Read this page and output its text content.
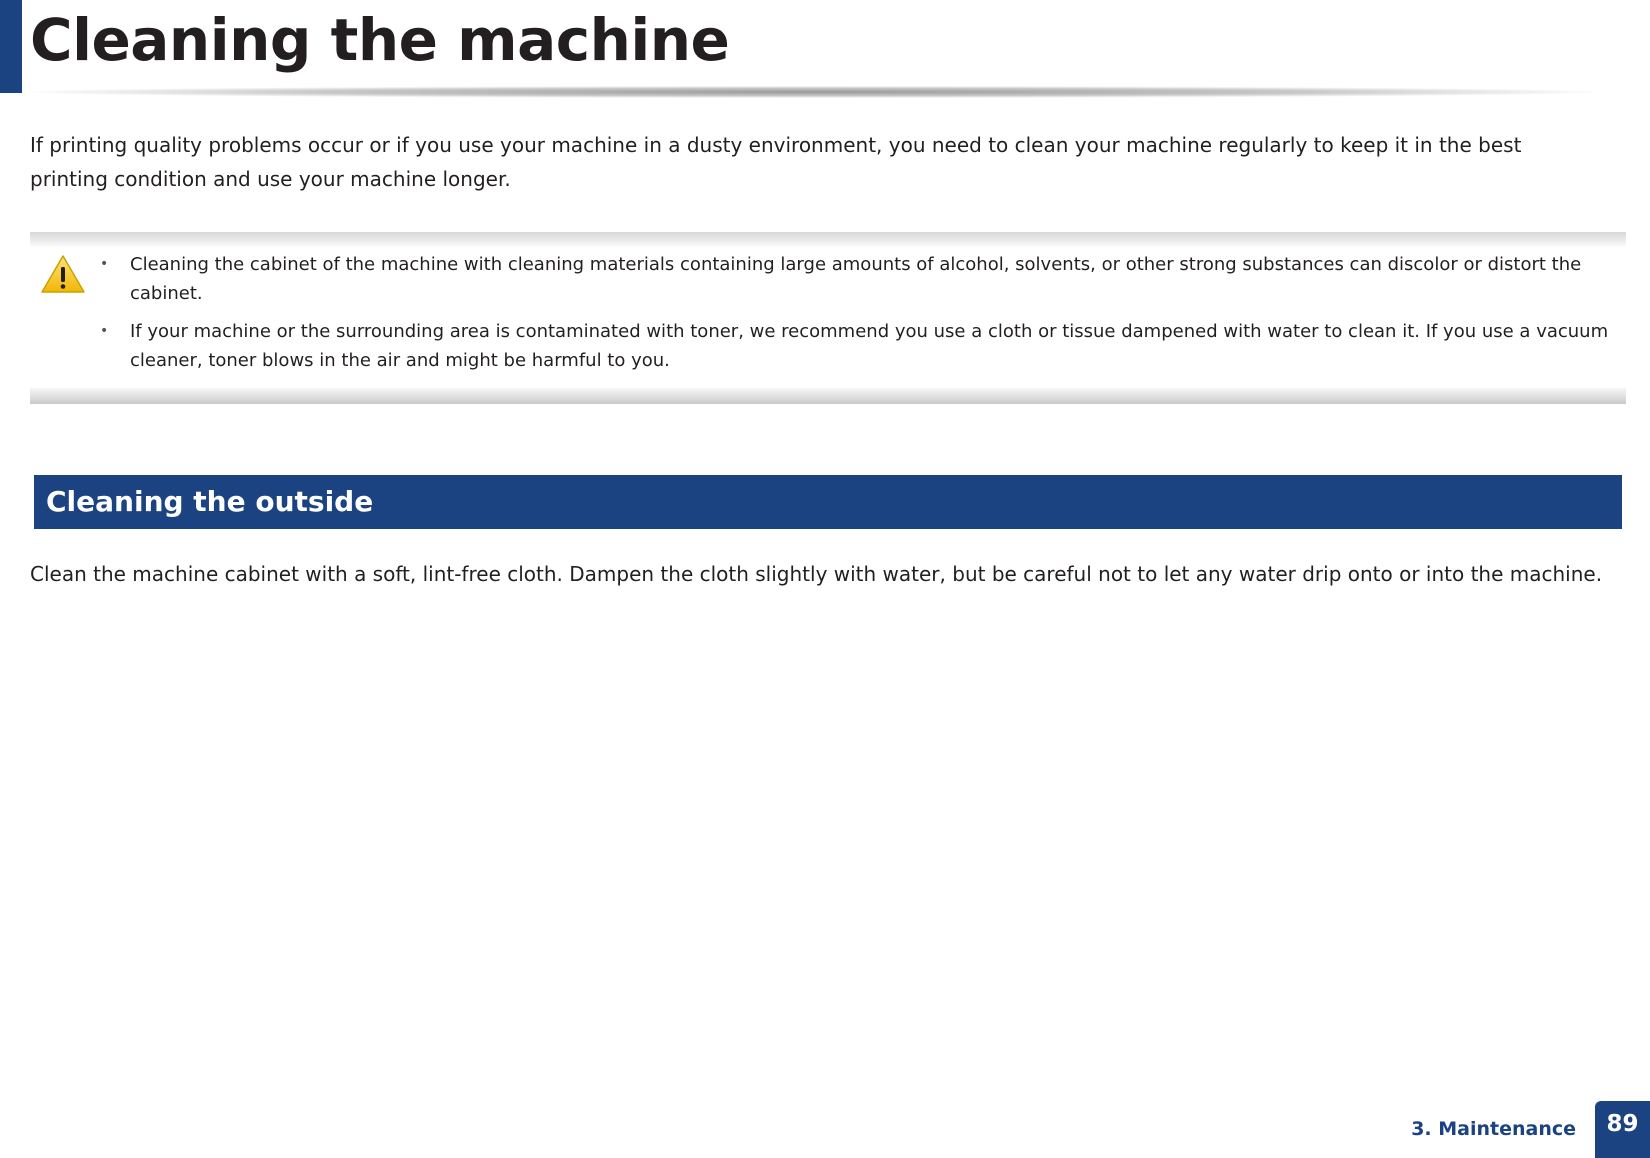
Cleaning the machine

If printing quality problems occur or if you use your machine in a dusty environment, you need to clean your machine regularly to keep it in the best printing condition and use your machine longer.

• Cleaning the cabinet of the machine with cleaning materials containing large amounts of alcohol, solvents, or other strong substances can discolor or distort the cabinet.
• If your machine or the surrounding area is contaminated with toner, we recommend you use a cloth or tissue dampened with water to clean it. If you use a vacuum cleaner, toner blows in the air and might be harmful to you.
Cleaning the outside

Clean the machine cabinet with a soft, lint-free cloth. Dampen the cloth slightly with water, but be careful not to let any water drip onto or into the machine.

3. Maintenance	89
